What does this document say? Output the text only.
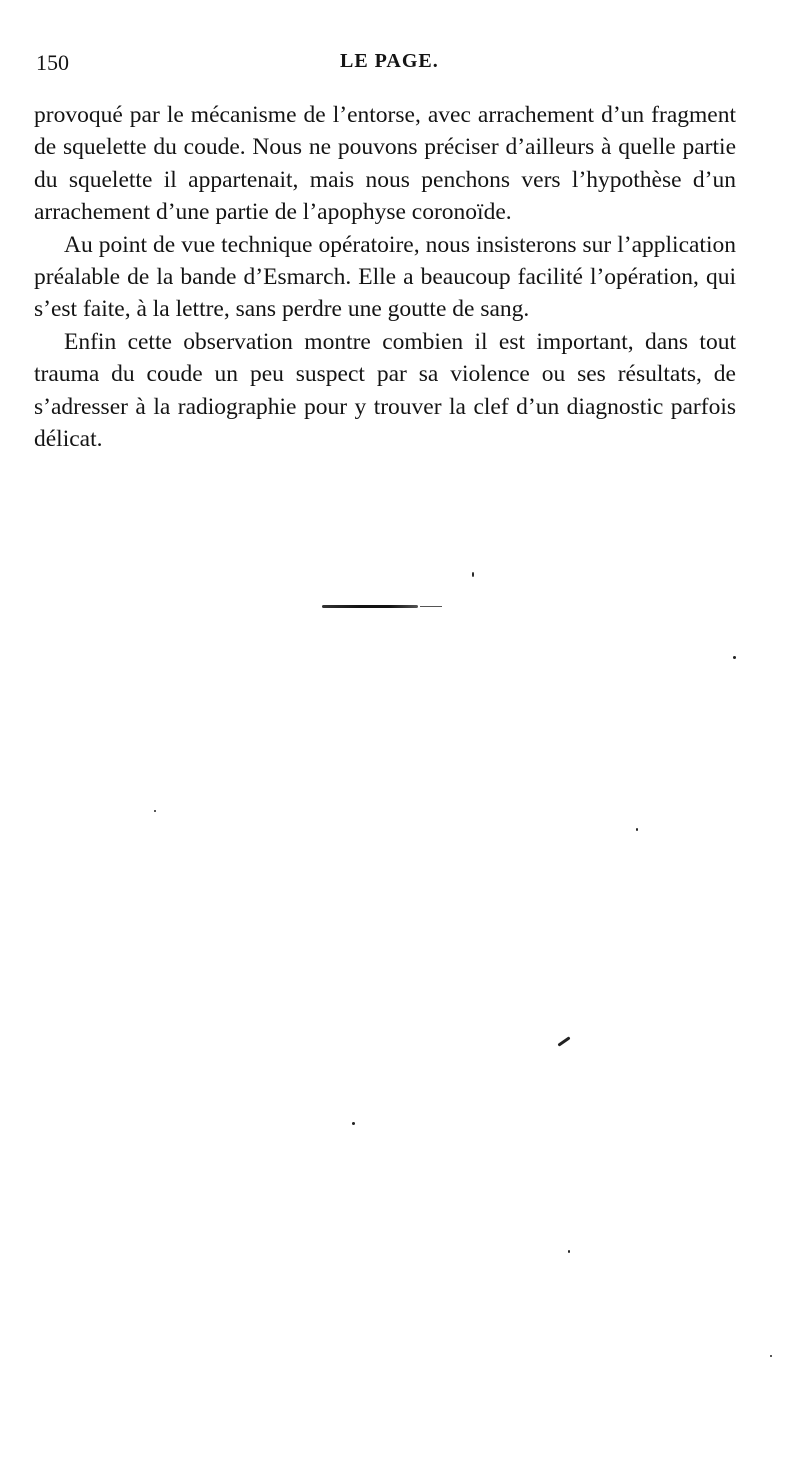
150	LE PAGE.

provoqué par le mécanisme de l’entorse, avec arrachement d’un fragment de squelette du coude. Nous ne pouvons préciser d’ailleurs à quelle partie du squelette il appartenait, mais nous penchons vers l’hypothèse d’un arrachement d’une partie de l’apophyse coronoïde.

Au point de vue technique opératoire, nous insisterons sur l’application préalable de la bande d’Esmarch. Elle a beaucoup facilité l’opération, qui s’est faite, à la lettre, sans perdre une goutte de sang.

Enfin cette observation montre combien il est important, dans tout trauma du coude un peu suspect par sa violence ou ses résultats, de s’adresser à la radiographie pour y trouver la clef d’un diagnostic parfois délicat.
